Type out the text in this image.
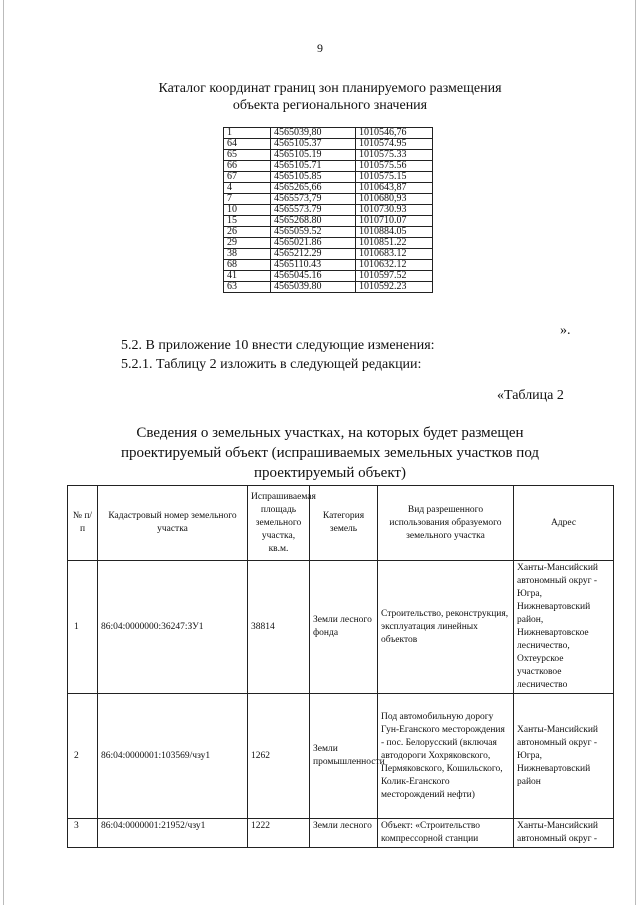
9
Каталог координат границ зон планируемого размещения
объекта регионального значения
1	4565039,80	1010546,76
64	4565105.37	1010574.95
65	4565105.19	1010575.33
66	4565105.71	1010575.56
67	4565105.85	1010575.15
4	4565265,66	1010643,87
7	4565573,79	1010680,93
10	4565573.79	1010730.93
15	4565268.80	1010710.07
26	4565059.52	1010884.05
29	4565021.86	1010851.22
38	4565212.29	1010683.12
68	4565110.43	1010632.12
41	4565045.16	1010597.52
63	4565039.80	1010592.23
».
5.2. В приложение 10 внести следующие изменения:
5.2.1. Таблицу 2 изложить в следующей редакции:
«Таблица 2
Сведения о земельных участках, на которых будет размещен
проектируемый объект (испрашиваемых земельных участков под
проектируемый объект)
№ п/п	Кадастровый номер земельного участка	Испрашиваемая площадь земельного участка, кв.м.	Категория земель	Вид разрешенного использования образуемого земельного участка	Адрес
1	86:04:0000000:36247:ЗУ1	38814	Земли лесного фонда	Строительство, реконструкция, эксплуатация линейных объектов	Ханты-Мансийский автономный округ - Югра, Нижневартовский район, Нижневартовское лесничество, Охтеурское участковое лесничество
2	86:04:0000001:103569/чзу1	1262	Земли промышленности	Под автомобильную дорогу Гун-Еганского месторождения - пос. Белорусский (включая автодороги Хохряковского, Пермяковского, Кошильского, Колик-Еганского месторождений нефти)	Ханты-Мансийский автономный округ - Югра, Нижневартовский район
3	86:04:0000001:21952/чзу1	1222	Земли лесного	Объект: «Строительство компрессорной станции	Ханты-Мансийский автономный округ -
